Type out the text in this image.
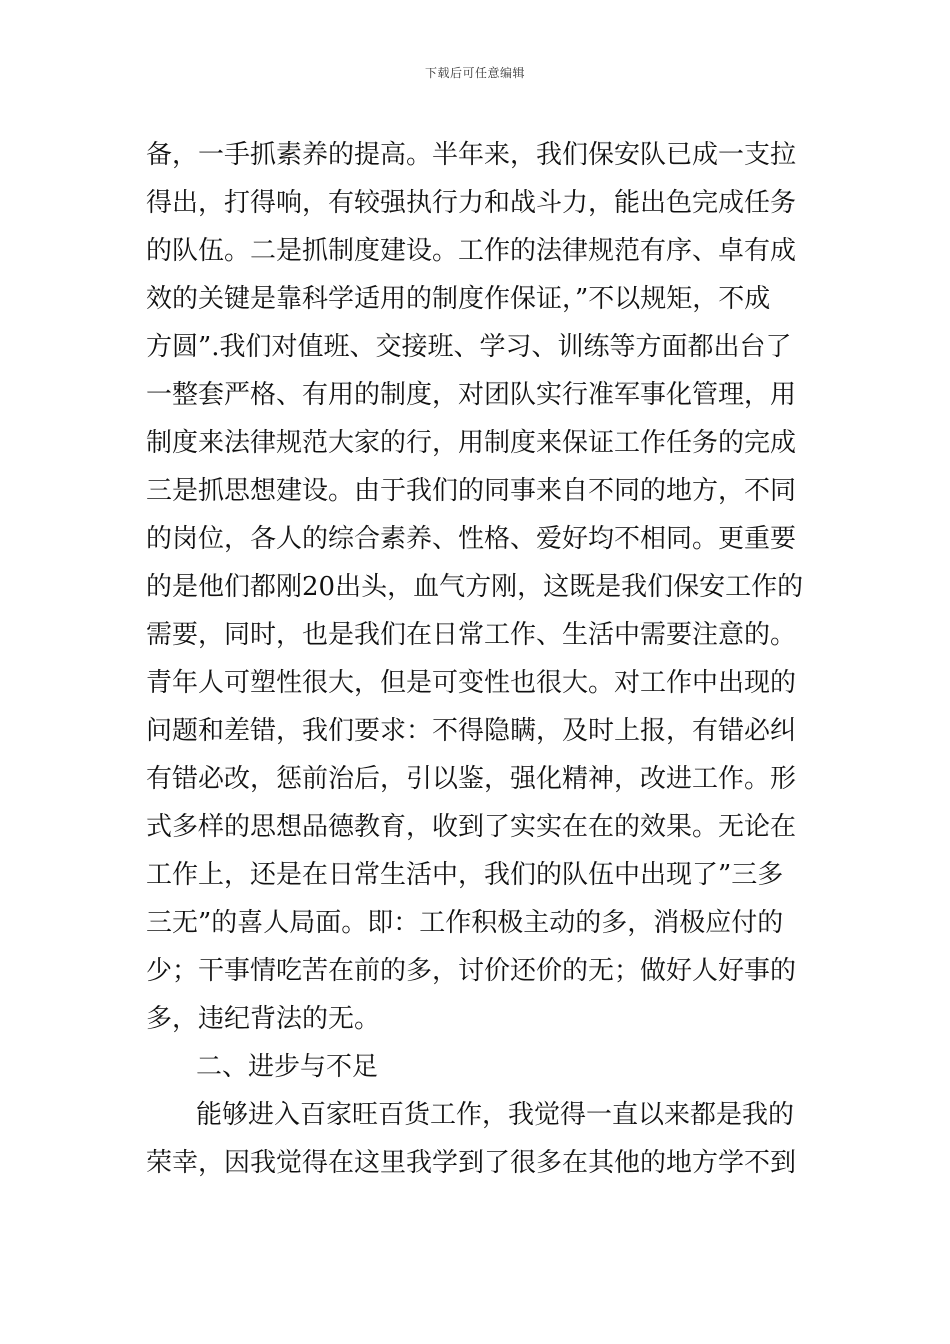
下载后可任意编辑
备，一手抓素养的提高。半年来，我们保安队已成一支拉
得出，打得响，有较强执行力和战斗力，能出色完成任务
的队伍。二是抓制度建设。工作的法律规范有序、卓有成
效的关键是靠科学适用的制度作保证，”不以规矩，不成
方圆”.我们对值班、交接班、学习、训练等方面都出台了
一整套严格、有用的制度，对团队实行准军事化管理，用
制度来法律规范大家的行，用制度来保证工作任务的完成
三是抓思想建设。由于我们的同事来自不同的地方，不同
的岗位，各人的综合素养、性格、爱好均不相同。更重要
的是他们都刚20出头，血气方刚，这既是我们保安工作的
需要，同时，也是我们在日常工作、生活中需要注意的。
青年人可塑性很大，但是可变性也很大。对工作中出现的
问题和差错，我们要求：不得隐瞒，及时上报，有错必纠
有错必改，惩前治后，引以鉴，强化精神，改进工作。形
式多样的思想品德教育，收到了实实在在的效果。无论在
工作上，还是在日常生活中，我们的队伍中出现了”三多
三无”的喜人局面。即：工作积极主动的多，消极应付的
少；干事情吃苦在前的多，讨价还价的无；做好人好事的
多，违纪背法的无。
二、进步与不足
能够进入百家旺百货工作，我觉得一直以来都是我的
荣幸，因我觉得在这里我学到了很多在其他的地方学不到
